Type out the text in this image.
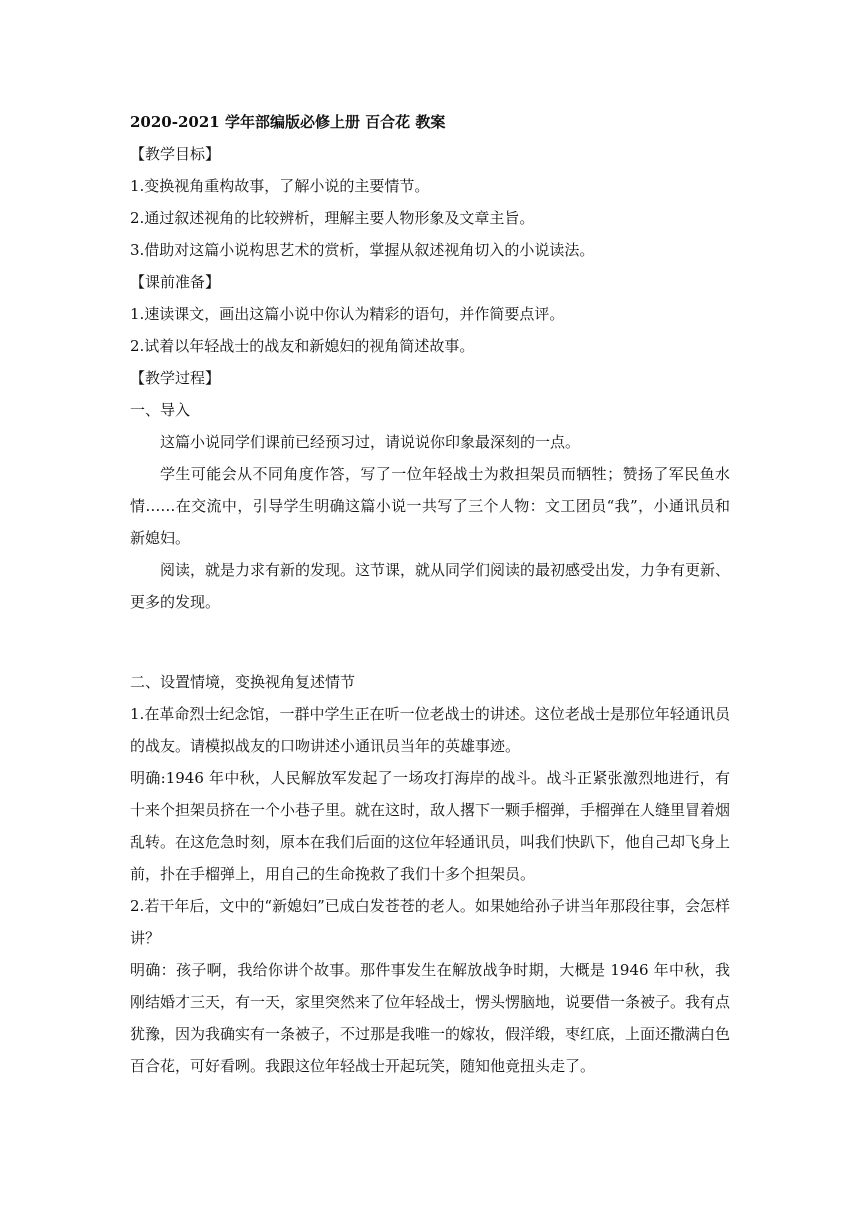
2020-2021 学年部编版必修上册 百合花 教案
【教学目标】
1.变换视角重构故事，了解小说的主要情节。
2.通过叙述视角的比较辨析，理解主要人物形象及文章主旨。
3.借助对这篇小说构思艺术的赏析，掌握从叙述视角切入的小说读法。
【课前准备】
1.速读课文，画出这篇小说中你认为精彩的语句，并作简要点评。
2.试着以年轻战士的战友和新媳妇的视角简述故事。
【教学过程】
一、导入
这篇小说同学们课前已经预习过，请说说你印象最深刻的一点。
学生可能会从不同角度作答，写了一位年轻战士为救担架员而牺牲；赞扬了军民鱼水情……在交流中，引导学生明确这篇小说一共写了三个人物：文工团员“我”，小通讯员和新媳妇。
阅读，就是力求有新的发现。这节课，就从同学们阅读的最初感受出发，力争有更新、更多的发现。
二、设置情境，变换视角复述情节
1.在革命烈士纪念馆，一群中学生正在听一位老战士的讲述。这位老战士是那位年轻通讯员的战友。请模拟战友的口吻讲述小通讯员当年的英雄事迹。
明确:1946 年中秋，人民解放军发起了一场攻打海岸的战斗。战斗正紧张激烈地进行，有十来个担架员挤在一个小巷子里。就在这时，敌人撂下一颗手榴弹，手榴弹在人缝里冒着烟乱转。在这危急时刻，原本在我们后面的这位年轻通讯员，叫我们快趴下，他自己却飞身上前，扑在手榴弹上，用自己的生命挽救了我们十多个担架员。
2.若干年后，文中的“新媳妇”已成白发苍苍的老人。如果她给孙子讲当年那段往事，会怎样讲？
明确：孩子啊，我给你讲个故事。那件事发生在解放战争时期，大概是 1946 年中秋，我刚结婚才三天，有一天，家里突然来了位年轻战士，愣头愣脑地，说要借一条被子。我有点犹豫，因为我确实有一条被子，不过那是我唯一的嫁妆，假洋缎，枣红底，上面还撒满白色百合花，可好看咧。我跟这位年轻战士开起玩笑，随知他竟扭头走了。
